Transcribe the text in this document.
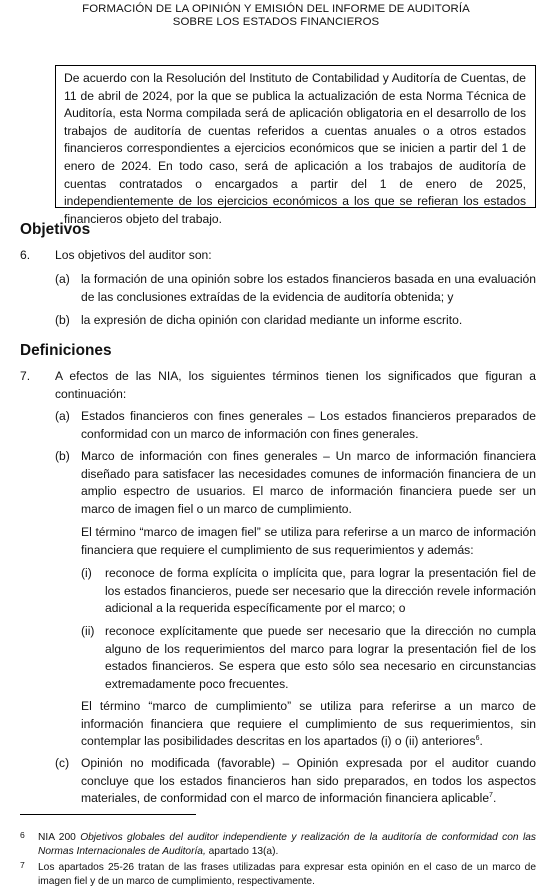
FORMACIÓN DE LA OPINIÓN Y EMISIÓN DEL INFORME DE AUDITORÍA
SOBRE LOS ESTADOS FINANCIEROS
De acuerdo con la Resolución del Instituto de Contabilidad y Auditoría de Cuentas, de 11 de abril de 2024, por la que se publica la actualización de esta Norma Técnica de Auditoría, esta Norma compilada será de aplicación obligatoria en el desarrollo de los trabajos de auditoría de cuentas referidos a cuentas anuales o a otros estados financieros correspondientes a ejercicios económicos que se inicien a partir del 1 de enero de 2024. En todo caso, será de aplicación a los trabajos de auditoría de cuentas contratados o encargados a partir del 1 de enero de 2025, independientemente de los ejercicios económicos a los que se refieran los estados financieros objeto del trabajo.
Objetivos
6. Los objetivos del auditor son:
(a) la formación de una opinión sobre los estados financieros basada en una evaluación de las conclusiones extraídas de la evidencia de auditoría obtenida; y
(b) la expresión de dicha opinión con claridad mediante un informe escrito.
Definiciones
7. A efectos de las NIA, los siguientes términos tienen los significados que figuran a continuación:
(a) Estados financieros con fines generales – Los estados financieros preparados de conformidad con un marco de información con fines generales.
(b) Marco de información con fines generales – Un marco de información financiera diseñado para satisfacer las necesidades comunes de información financiera de un amplio espectro de usuarios. El marco de información financiera puede ser un marco de imagen fiel o un marco de cumplimiento.
El término “marco de imagen fiel” se utiliza para referirse a un marco de información financiera que requiere el cumplimiento de sus requerimientos y además:
(i) reconoce de forma explícita o implícita que, para lograr la presentación fiel de los estados financieros, puede ser necesario que la dirección revele información adicional a la requerida específicamente por el marco; o
(ii) reconoce explícitamente que puede ser necesario que la dirección no cumpla alguno de los requerimientos del marco para lograr la presentación fiel de los estados financieros. Se espera que esto sólo sea necesario en circunstancias extremadamente poco frecuentes.
El término “marco de cumplimiento” se utiliza para referirse a un marco de información financiera que requiere el cumplimiento de sus requerimientos, sin contemplar las posibilidades descritas en los apartados (i) o (ii) anteriores$^6$.
(c) Opinión no modificada (favorable) – Opinión expresada por el auditor cuando concluye que los estados financieros han sido preparados, en todos los aspectos materiales, de conformidad con el marco de información financiera aplicable$^7$.
6 NIA 200 Objetivos globales del auditor independiente y realización de la auditoría de conformidad con las Normas Internacionales de Auditoría, apartado 13(a).
7 Los apartados 25-26 tratan de las frases utilizadas para expresar esta opinión en el caso de un marco de imagen fiel y de un marco de cumplimiento, respectivamente.
